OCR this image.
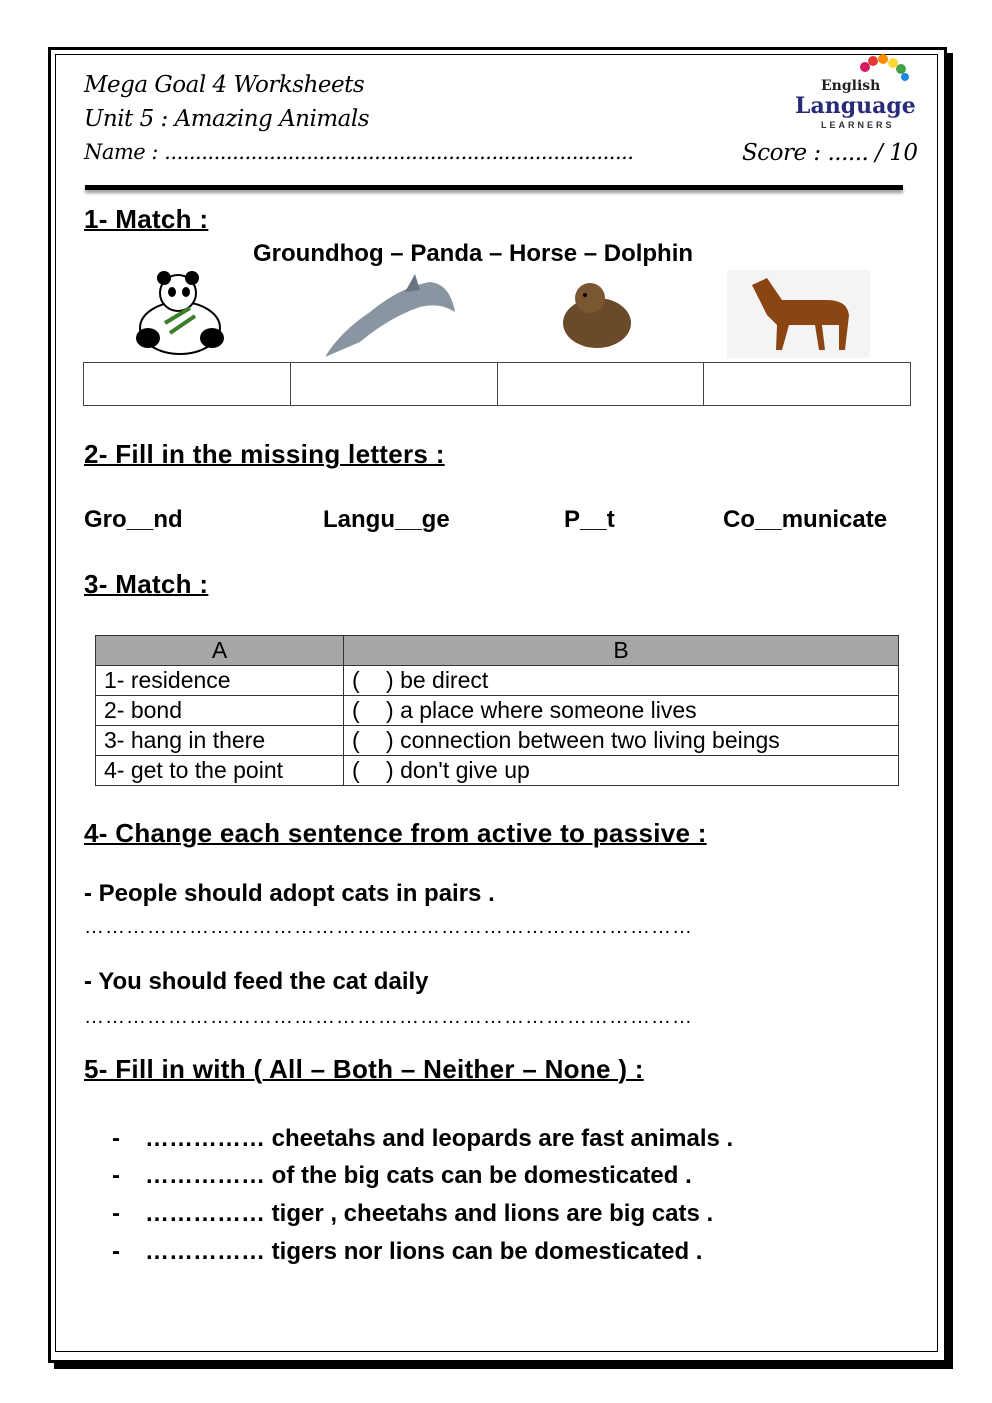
Mega Goal 4 Worksheets
Unit 5 : Amazing Animals
Name : ............................................................................	Score : ...... / 10
English
Language
LEARNERS
1- Match :
Groundhog – Panda – Horse – Dolphin
2- Fill in the missing letters :
Gro__nd	Langu__ge	P__t	Co__municate
3- Match :
A	B
1- residence	( ) be direct
2- bond	( ) a place where someone lives
3- hang in there	( ) connection between two living beings
4- get to the point	( ) don't give up
4- Change each sentence from active to passive :
- People should adopt cats in pairs .
……………………………………………………………………………
- You should feed the cat daily
……………………………………………………………………………
5- Fill in with ( All – Both – Neither – None ) :
- …………… cheetahs and leopards are fast animals .
- …………… of the big cats can be domesticated .
- …………… tiger , cheetahs and lions are big cats .
- …………… tigers nor lions can be domesticated .
